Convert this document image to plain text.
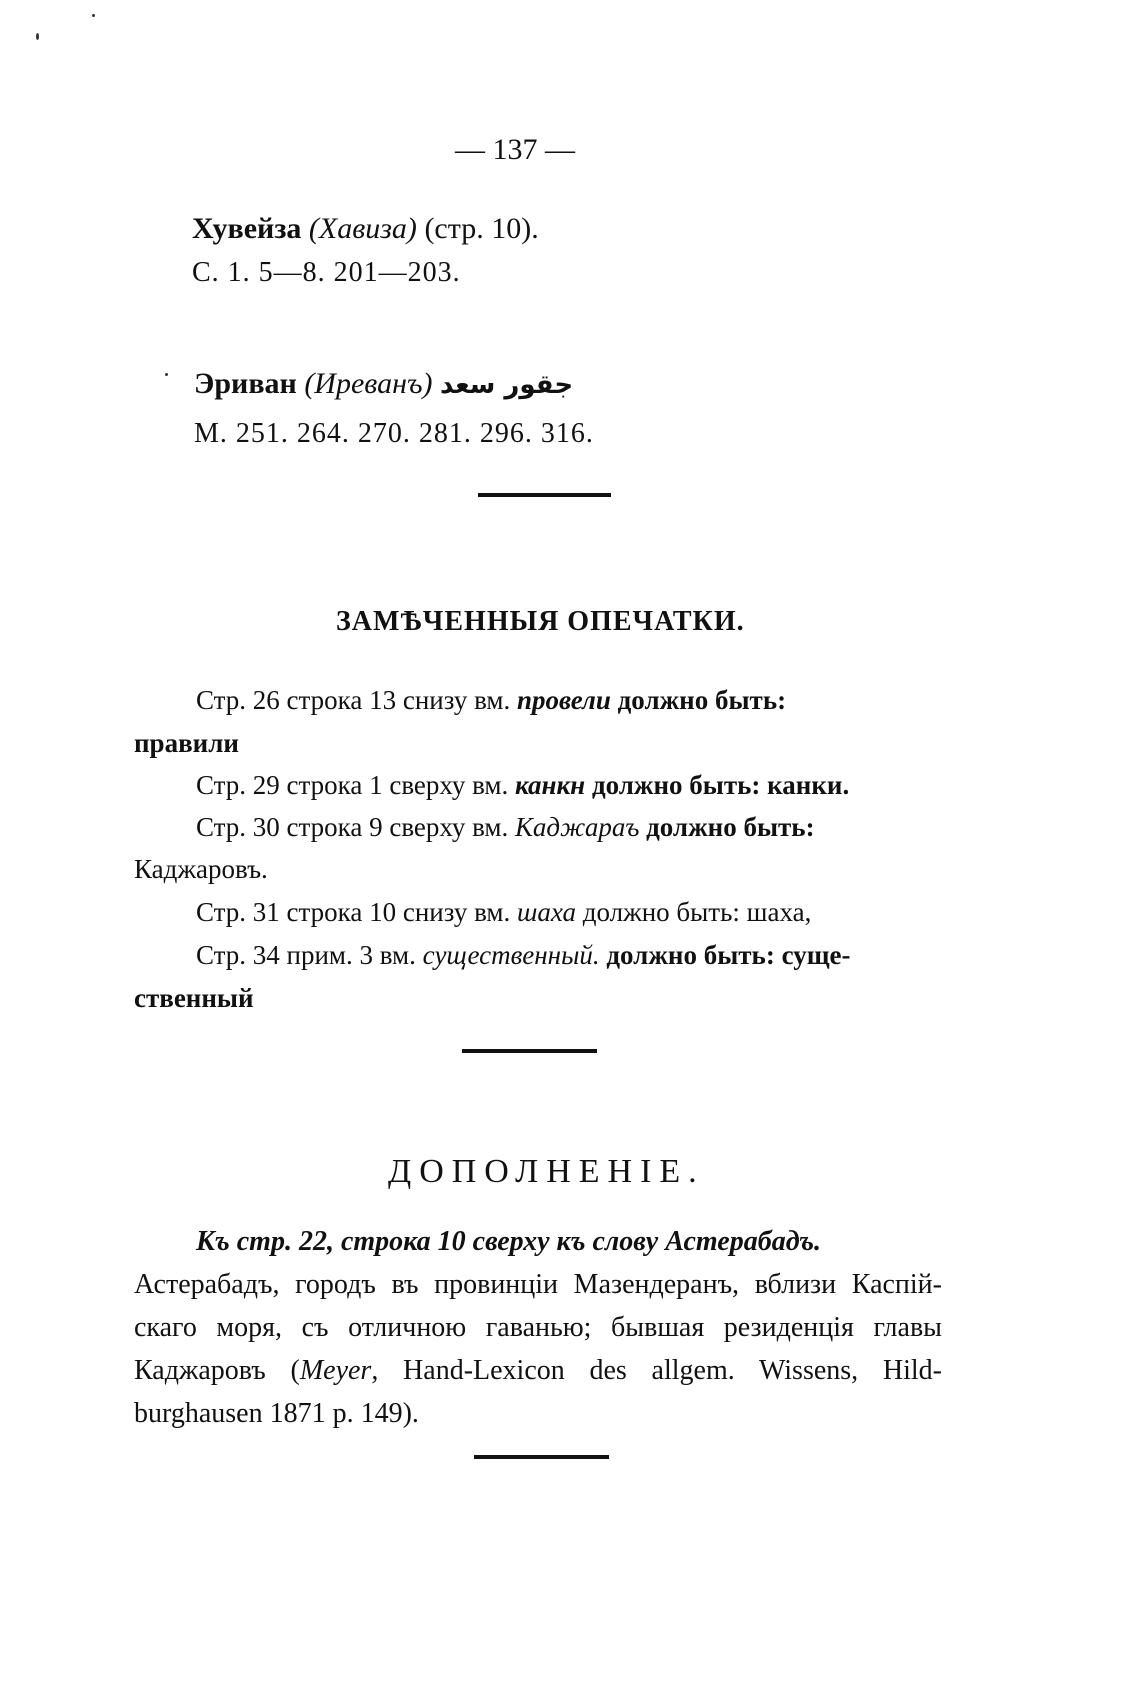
— 137 —
Хувейза (Хавиза) (стр. 10).
С. 1. 5—8. 201—203.
Эриван (Иреванъ) جقور سعد
М. 251. 264. 270. 281. 296. 316.
ЗАМѢЧЕННЫЯ ОПЕЧАТКИ.
Стр. 26 строка 13 снизу вм. провели должно быть:
правили
Стр. 29 строка 1 сверху вм. канкн должно быть: канки.
Стр. 30 строка 9 сверху вм. Каджараъ должно быть:
Каджаровъ.
Стр. 31 строка 10 снизу вм. шаха должно быть: шаха,
Стр. 34 прим. 3 вм. существенный. должно быть: суще-
ственный
ДОПОЛНЕНІЕ.
Къ стр. 22, строка 10 сверху къ слову Астерабадъ.
Астерабадъ, городъ въ провинціи Мазендеранъ, вблизи Каспій-скаго моря, съ отличною гаванью; бывшая резиденція главы Каджаровъ (Meyer, Hand-Lexicon des allgem. Wissens, Hild-burghausen 1871 p. 149).
